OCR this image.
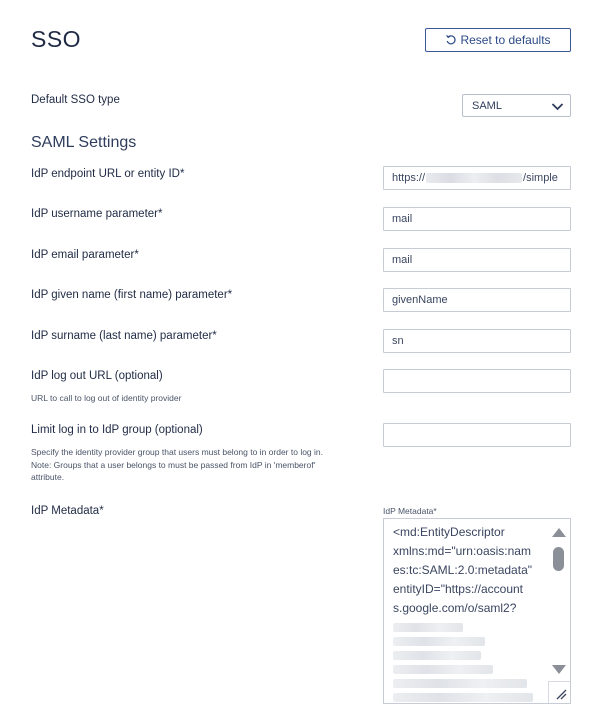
SSO	Reset to defaults
Default SSO type	SAML
SAML Settings
IdP endpoint URL or entity ID*	https://	/simple
IdP username parameter*	mail
IdP email parameter*	mail
IdP given name (first name) parameter*	givenName
IdP surname (last name) parameter*	sn
IdP log out URL (optional)
URL to call to log out of identity provider
Limit log in to IdP group (optional)
Specify the identity provider group that users must belong to in order to log in.
Note: Groups that a user belongs to must be passed from IdP in 'memberof'
attribute.
IdP Metadata*	IdP Metadata*
<md:EntityDescriptor
xmlns:md="urn:oasis:nam
es:tc:SAML:2.0:metadata"
entityID="https://account
s.google.com/o/saml2?
